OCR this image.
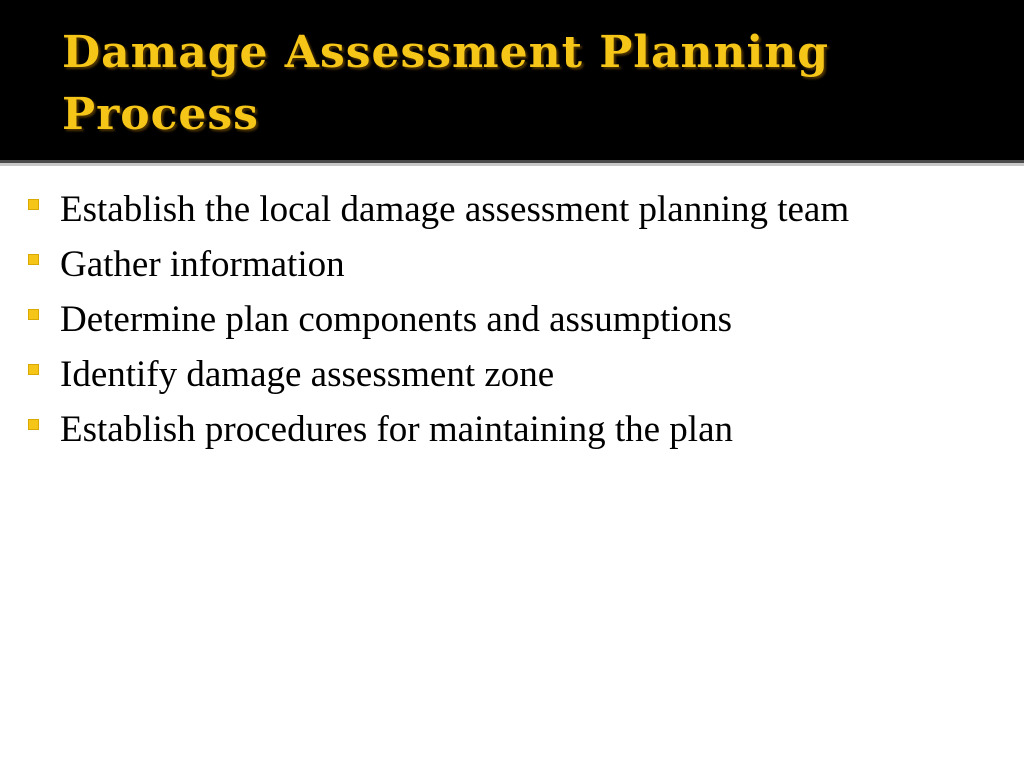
Damage Assessment Planning Process
Establish the local damage assessment planning team
Gather information
Determine plan components and assumptions
Identify damage assessment zone
Establish procedures for maintaining the plan
